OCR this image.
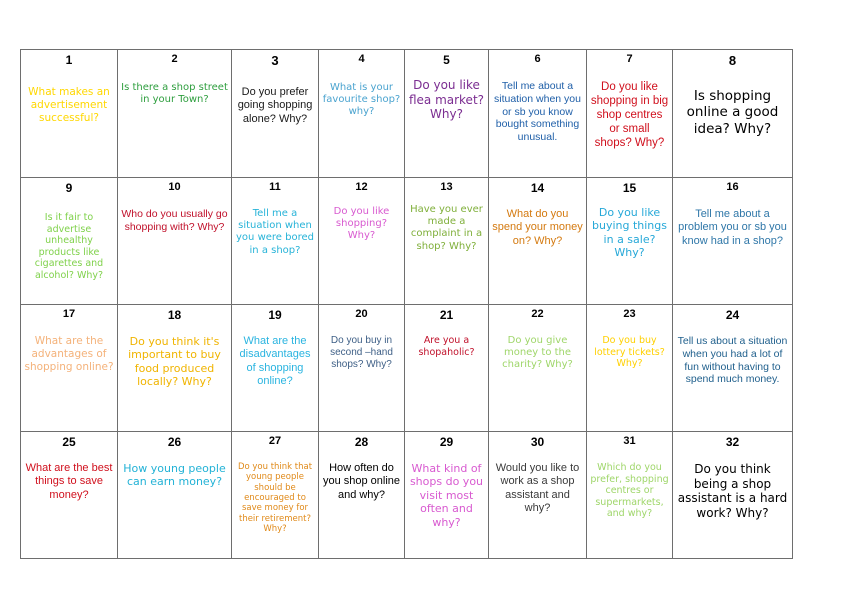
1
What makes an advertisement successful?
2
Is there a shop street in your Town?
3
Do you prefer going shopping alone? Why?
4
What is your favourite shop? why?
5
Do you like flea market? Why?
6
Tell me about a situation when you or sb you know bought something unusual.
7
Do you like shopping in big shop centres or small shops? Why?
8
Is shopping online a good idea? Why?
9
Is it fair to advertise unhealthy products like cigarettes and alcohol? Why?
10
Who do you usually go shopping with? Why?
11
Tell me a situation when you were bored in a shop?
12
Do you like shopping? Why?
13
Have you ever made a complaint in a shop? Why?
14
What do you spend your money on? Why?
15
Do you like buying things in a sale? Why?
16
Tell me about a problem you or sb you know had in a shop?
17
What are the advantages of shopping online?
18
Do you think it's important to buy food produced locally? Why?
19
What are the disadvantages of shopping online?
20
Do you buy in second –hand shops? Why?
21
Are you a shopaholic?
22
Do you give money to the charity? Why?
23
Do you buy lottery tickets? Why?
24
Tell us about a situation when you had a lot of fun without having to spend much money.
25
What are the best things to save money?
26
How young people can earn money?
27
Do you think that young people should be encouraged to save money for their retirement? Why?
28
How often do you shop online and why?
29
What kind of shops do you visit most often and why?
30
Would you like to work as a shop assistant and why?
31
Which do you prefer, shopping centres or supermarkets, and why?
32
Do you think being a shop assistant is a hard work? Why?
